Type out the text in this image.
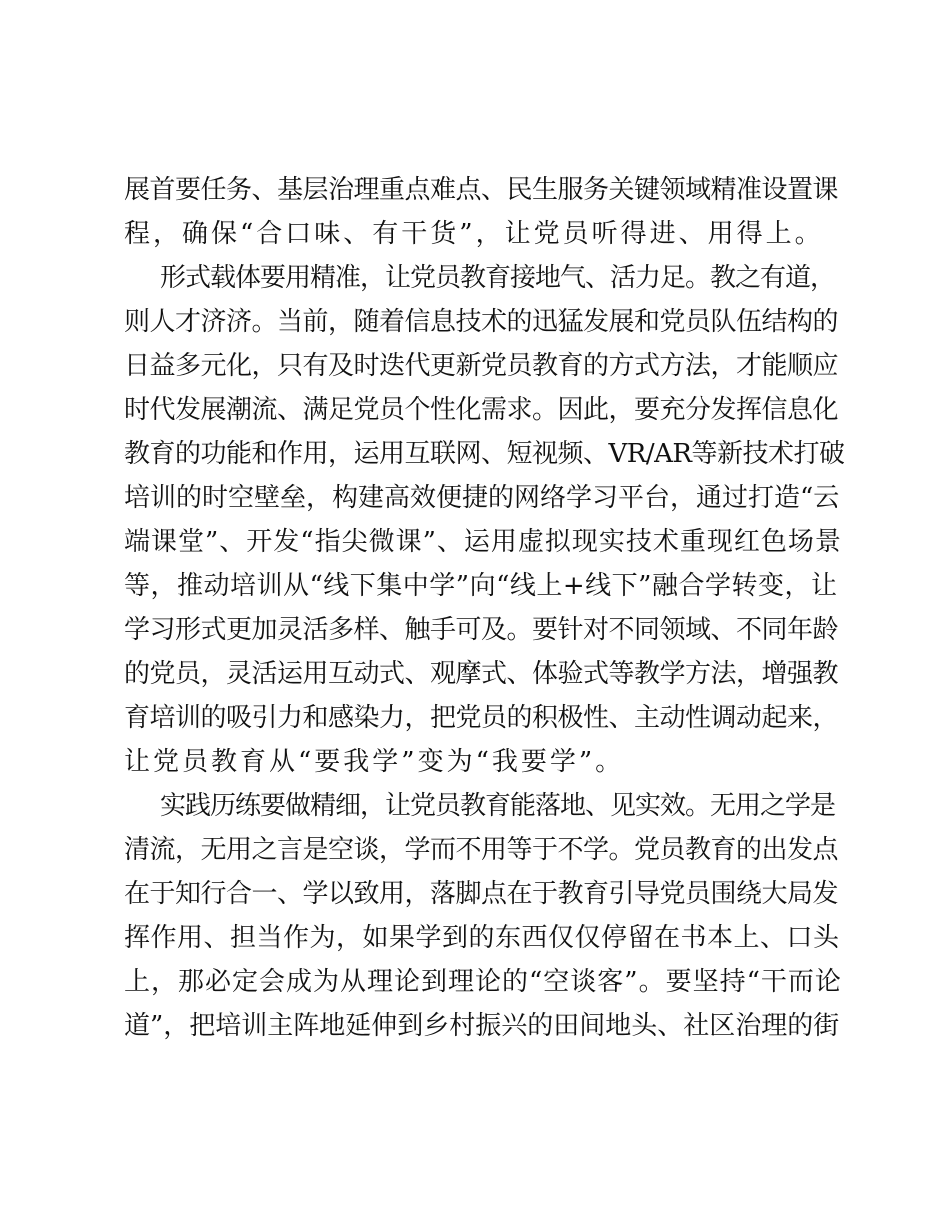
展首要任务、基层治理重点难点、民生服务关键领域精准设置课
程，确保“合口味、有干货”，让党员听得进、用得上。
形式载体要用精准，让党员教育接地气、活力足。教之有道，
则人才济济。当前，随着信息技术的迅猛发展和党员队伍结构的
日益多元化，只有及时迭代更新党员教育的方式方法，才能顺应
时代发展潮流、满足党员个性化需求。因此，要充分发挥信息化
教育的功能和作用，运用互联网、短视频、VR/AR等新技术打破
培训的时空壁垒，构建高效便捷的网络学习平台，通过打造“云
端课堂”、开发“指尖微课”、运用虚拟现实技术重现红色场景
等，推动培训从“线下集中学”向“线上+线下”融合学转变，让
学习形式更加灵活多样、触手可及。要针对不同领域、不同年龄
的党员，灵活运用互动式、观摩式、体验式等教学方法，增强教
育培训的吸引力和感染力，把党员的积极性、主动性调动起来，
让党员教育从“要我学”变为“我要学”。
实践历练要做精细，让党员教育能落地、见实效。无用之学是
清流，无用之言是空谈，学而不用等于不学。党员教育的出发点
在于知行合一、学以致用，落脚点在于教育引导党员围绕大局发
挥作用、担当作为，如果学到的东西仅仅停留在书本上、口头
上，那必定会成为从理论到理论的“空谈客”。要坚持“干而论
道”，把培训主阵地延伸到乡村振兴的田间地头、社区治理的街
